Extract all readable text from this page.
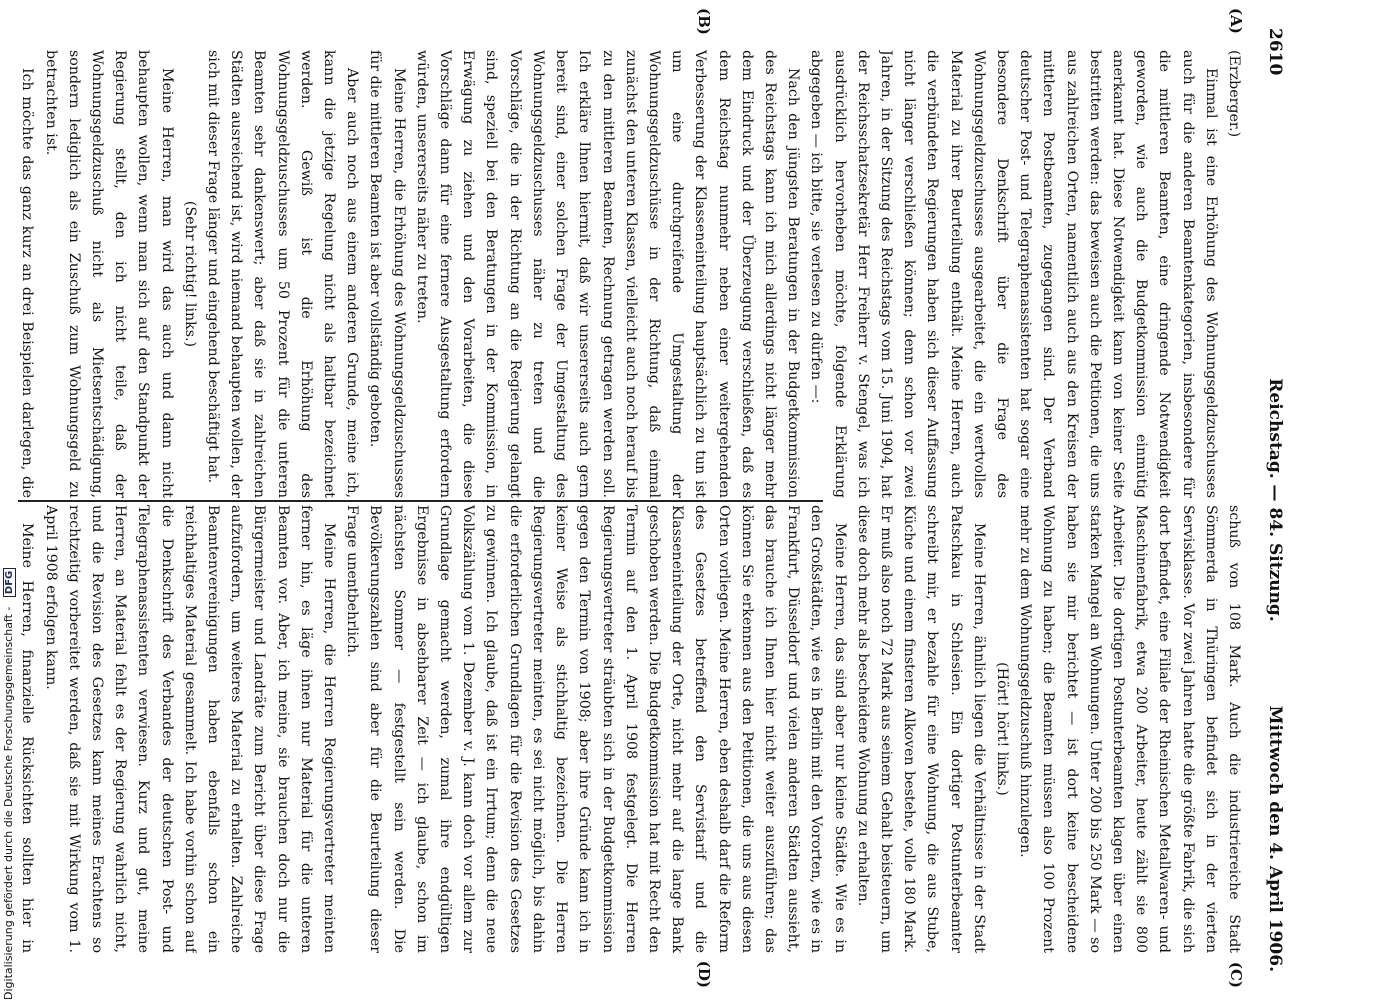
Digitalisierung gefördert durch die Deutsche Forschungsgemeinschaft - DFG
2610
Reichstag. — 84. Sitzung.
Mittwoch den 4. April 1906.
(A)
(B)
(C)
(D)

(Erzberger.)

Einmal ist eine Erhöhung des Wohnungsgeldzuschusses auch für die anderen Beamtenkategorien, insbesondere für die mittleren Beamten, eine dringende Notwendigkeit geworden, wie auch die Budgetkommission einmütig anerkannt hat. Diese Notwendigkeit kann von keiner Seite bestritten werden: das beweisen auch die Petitionen, die uns aus zahlreichen Orten, namentlich auch aus den Kreisen der mittleren Postbeamten, zugegangen sind. Der Verband deutscher Post- und Telegraphenassistenten hat sogar eine besondere Denkschrift über die Frage des Wohnungsgeldzuschusses ausgearbeitet, die ein wertvolles Material zu ihrer Beurteilung enthält. Meine Herren, auch die verbündeten Regierungen haben sich dieser Auffassung nicht länger verschließen können; denn schon vor zwei Jahren, in der Sitzung des Reichstags vom 15. Juni 1904, hat der Reichsschatzsekretär Herr Freiherr v. Stengel, was ich ausdrücklich hervorheben möchte, folgende Erklärung abgegeben — ich bitte, sie verlesen zu dürfen —:

Nach den jüngsten Beratungen in der Budgetkommission des Reichstags kann ich mich allerdings nicht länger mehr dem Eindruck und der Überzeugung verschließen, daß es dem Reichstag nunmehr neben einer weitergehenden Verbesserung der Klasseneinteilung hauptsächlich zu tun ist um eine durchgreifende Umgestaltung der Wohnungsgeldzuschüsse in der Richtung, daß einmal zunächst den unteren Klassen, vielleicht auch noch herauf bis zu den mittleren Beamten, Rechnung getragen werden soll. Ich erkläre Ihnen hiermit, daß wir unsererseits auch gern bereit sind, einer solchen Frage der Umgestaltung des Wohnungsgeldzuschusses näher zu treten und die Vorschläge, die in der Richtung an die Regierung gelangt sind, speziell bei den Beratungen in der Kommission, in Erwägung zu ziehen und den Vorarbeiten, die diese Vorschläge dann für eine fernere Ausgestaltung erfordern würden, unsererseits näher zu treten.

Meine Herren, die Erhöhung des Wohnungsgeldzuschusses für die mittleren Beamten ist aber vollständig geboten.

Aber auch noch aus einem anderen Grunde, meine ich, kann die jetzige Regelung nicht als haltbar bezeichnet werden. Gewiß ist die Erhöhung des Wohnungsgeldzuschusses um 50 Prozent für die unteren Beamten sehr dankenswert; aber daß sie in zahlreichen Städten ausreichend ist, wird niemand behaupten wollen, der sich mit dieser Frage länger und eingehend beschäftigt hat.

(Sehr richtig! links.)

Meine Herren, man wird das auch und dann nicht behaupten wollen, wenn man sich auf den Standpunkt der Regierung stellt, den ich nicht teile, daß der Wohnungsgeldzuschuß nicht als Mietsentschädigung, sondern lediglich als ein Zuschuß zum Wohnungsgeld zu betrachten ist.

Ich möchte das ganz kurz an drei Beispielen darlegen, die

schuß von 108 Mark. Auch die industriereiche Stadt Sömmerda in Thüringen befindet sich in der vierten Servisklasse. Vor zwei Jahren hatte die größte Fabrik, die sich dort befindet, eine Filiale der Rheinischen Metallwaren- und Maschinenfabrik, etwa 200 Arbeiter, heute zählt sie 800 Arbeiter. Die dortigen Postunterbeamten klagen über einen starken Mangel an Wohnungen. Unter 200 bis 250 Mark — so haben sie mir berichtet — ist dort keine bescheidene Wohnung zu haben; die Beamten müssen also 100 Prozent mehr zu dem Wohnungsgeldzuschuß hinzulegen.

(Hört! hört! links.)

Meine Herren, ähnlich liegen die Verhältnisse in der Stadt Patschkau in Schlesien. Ein dortiger Postunterbeamter schreibt mir, er bezahle für eine Wohnung, die aus Stube, Küche und einem finsteren Alkoven bestehe, volle 180 Mark. Er muß also noch 72 Mark aus seinem Gehalt beisteuern, um diese doch mehr als bescheidene Wohnung zu erhalten.

Meine Herren, das sind aber nur kleine Städte. Wie es in den Großstädten, wie es in Berlin mit den Vororten, wie es in Frankfurt, Düsseldorf und vielen anderen Städten aussieht, das brauche ich Ihnen hier nicht weiter auszuführen; das können Sie erkennen aus den Petitionen, die uns aus diesen Orten vorliegen. Meine Herren, eben deshalb darf die Reform des Gesetzes betreffend den Servistarif und die Klasseneinteilung der Orte, nicht mehr auf die lange Bank geschoben werden. Die Budgetkommission hat mit Recht den Termin auf den 1. April 1908 festgelegt. Die Herren Regierungsvertreter sträubten sich in der Budgetkommission gegen den Termin von 1908; aber ihre Gründe kann ich in keiner Weise als stichhaltig bezeichnen. Die Herren Regierungsvertreter meinten, es sei nicht möglich, bis dahin die erforderlichen Grundlagen für die Revision des Gesetzes zu gewinnen. Ich glaube, daß ist ein Irrtum; denn die neue Volkszählung vom 1. Dezember v. J. kann doch vor allem zur Grundlage gemacht werden, zumal ihre endgültigen Ergebnisse in absehbarer Zeit — ich glaube, schon im nächsten Sommer — festgestellt sein werden. Die Bevölkerungszahlen sind aber für die Beurteilung dieser Frage unentbehrlich.

Meine Herren, die Herren Regierungsvertreter meinten ferner hin, es läge ihnen nur Material für die unteren Beamten vor. Aber, ich meine, sie brauchen doch nur die Bürgermeister und Landräte zum Bericht über diese Frage aufzufordern, um weiteres Material zu erhalten. Zahlreiche Beamtenvereinigungen haben ebenfalls schon ein reichhaltiges Material gesammelt. Ich habe vorhin schon auf die Denkschrift des Verbandes der deutschen Post- und Telegraphenassistenten verwiesen. Kurz und gut, meine Herren, an Material fehlt es der Regierung wahrlich nicht, und die Revision des Gesetzes kann meines Erachtens so rechtzeitig vorbereitet werden, daß sie mit Wirkung vom 1. April 1908 erfolgen kann.

Meine Herren, finanzielle Rücksichten sollten hier in
